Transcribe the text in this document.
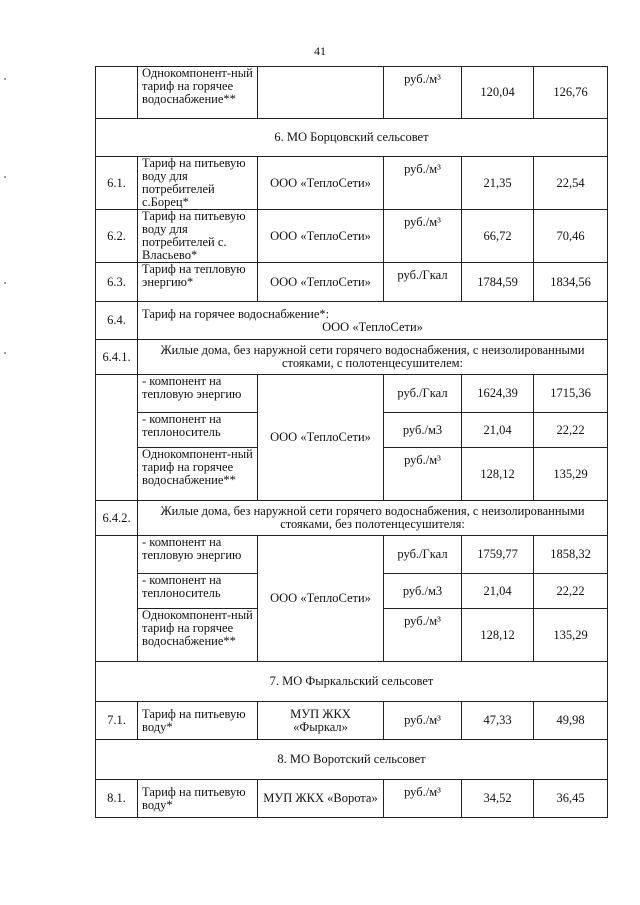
41
	Однокомпонент-ный тариф на горячее водоснабжение**		руб./м³	120,04	126,76
6. МО Борцовский сельсовет					
6.1.	Тариф на питьевую воду для потребителей с.Борец*	ООО «ТеплоСети»	руб./м³	21,35	22,54
6.2.	Тариф на питьевую воду для потребителей с. Власьево*	ООО «ТеплоСети»	руб./м³	66,72	70,46
6.3.	Тариф на тепловую энергию*	ООО «ТеплоСети»	руб./Гкал	1784,59	1834,56
6.4.	Тариф на горячее водоснабжение*:
ООО «ТеплоСети»				

6.4.1.	Жилые дома, без наружной сети горячего водоснабжения, с неизолированными стояками, с полотенцесушителем:				
	- компонент на тепловую энергию	ООО «ТеплоСети»	руб./Гкал	1624,39	1715,36
	- компонент на теплоноситель		руб./м3	21,04	22,22
	Однокомпонент-ный тариф на горячее водоснабжение**		руб./м³	128,12	135,29
6.4.2.	Жилые дома, без наружной сети горячего водоснабжения, с неизолированными стояками, без полотенцесушителя:				
	- компонент на тепловую энергию	ООО «ТеплоСети»	руб./Гкал	1759,77	1858,32
	- компонент на теплоноситель		руб./м3	21,04	22,22
	Однокомпонент-ный тариф на горячее водоснабжение**		руб./м³	128,12	135,29
7. МО Фыркальский сельсовет					
7.1.	Тариф на питьевую воду*	МУП ЖКХ «Фыркал»	руб./м³	47,33	49,98
8. МО Воротский сельсовет					
8.1.	Тариф на питьевую воду*	МУП ЖКХ «Ворота»	руб./м³	34,52	36,45
